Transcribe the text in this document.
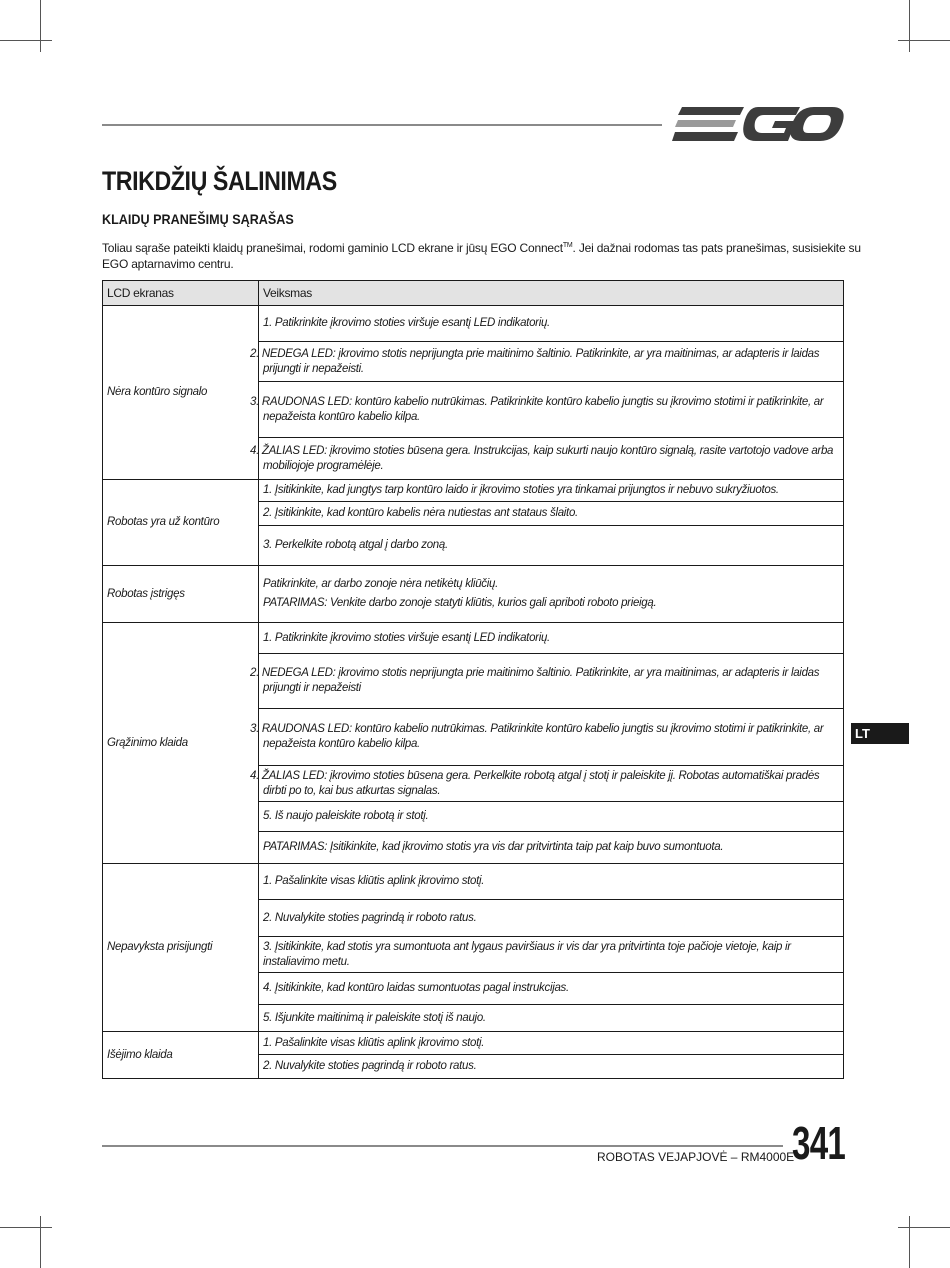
TRIKDŽIŲ ŠALINIMAS
KLAIDŲ PRANEŠIMŲ SĄRAŠAS
Toliau sąraše pateikti klaidų pranešimai, rodomi gaminio LCD ekrane ir jūsų EGO Connect™. Jei dažnai rodomas tas pats pranešimas, susisiekite su EGO aptarnavimo centru.
LCD ekranas	Veiksmas
Nėra kontūro signalo	1. Patikrinkite įkrovimo stoties viršuje esantį LED indikatorių.
	2. NEDEGA LED: įkrovimo stotis neprijungta prie maitinimo šaltinio. Patikrinkite, ar yra maitinimas, ar adapteris ir laidas prijungti ir nepažeisti.
	3. RAUDONAS LED: kontūro kabelio nutrūkimas. Patikrinkite kontūro kabelio jungtis su įkrovimo stotimi ir patikrinkite, ar nepažeista kontūro kabelio kilpa.
	4. ŽALIAS LED: įkrovimo stoties būsena gera. Instrukcijas, kaip sukurti naujo kontūro signalą, rasite vartotojo vadove arba mobiliojoje programėlėje.
Robotas yra už kontūro	1. Įsitikinkite, kad jungtys tarp kontūro laido ir įkrovimo stoties yra tinkamai prijungtos ir nebuvo sukryžiuotos.
	2. Įsitikinkite, kad kontūro kabelis nėra nutiestas ant stataus šlaito.
	3. Perkelkite robotą atgal į darbo zoną.
Robotas įstrigęs	Patikrinkite, ar darbo zonoje nėra netikėtų kliūčių.
PATARIMAS: Venkite darbo zonoje statyti kliūtis, kurios gali apriboti roboto prieigą.

Grąžinimo klaida	1. Patikrinkite įkrovimo stoties viršuje esantį LED indikatorių.
	2. NEDEGA LED: įkrovimo stotis neprijungta prie maitinimo šaltinio. Patikrinkite, ar yra maitinimas, ar adapteris ir laidas prijungti ir nepažeisti
	3. RAUDONAS LED: kontūro kabelio nutrūkimas. Patikrinkite kontūro kabelio jungtis su įkrovimo stotimi ir patikrinkite, ar nepažeista kontūro kabelio kilpa.
	4. ŽALIAS LED: įkrovimo stoties būsena gera. Perkelkite robotą atgal į stotį ir paleiskite jį. Robotas automatiškai pradės dirbti po to, kai bus atkurtas signalas.
	5. Iš naujo paleiskite robotą ir stotį.
	PATARIMAS: Įsitikinkite, kad įkrovimo stotis yra vis dar pritvirtinta taip pat kaip buvo sumontuota.
Nepavyksta prisijungti	1. Pašalinkite visas kliūtis aplink įkrovimo stotį.
	2. Nuvalykite stoties pagrindą ir roboto ratus.
	3. Įsitikinkite, kad stotis yra sumontuota ant lygaus paviršiaus ir vis dar yra pritvirtinta toje pačioje vietoje, kaip ir instaliavimo metu.
	4. Įsitikinkite, kad kontūro laidas sumontuotas pagal instrukcijas.
	5. Išjunkite maitinimą ir paleiskite stotį iš naujo.
Išėjimo klaida	1. Pašalinkite visas kliūtis aplink įkrovimo stotį.
	2. Nuvalykite stoties pagrindą ir roboto ratus.
LT
ROBOTAS VEJAPJOVĖ – RM4000E
341
